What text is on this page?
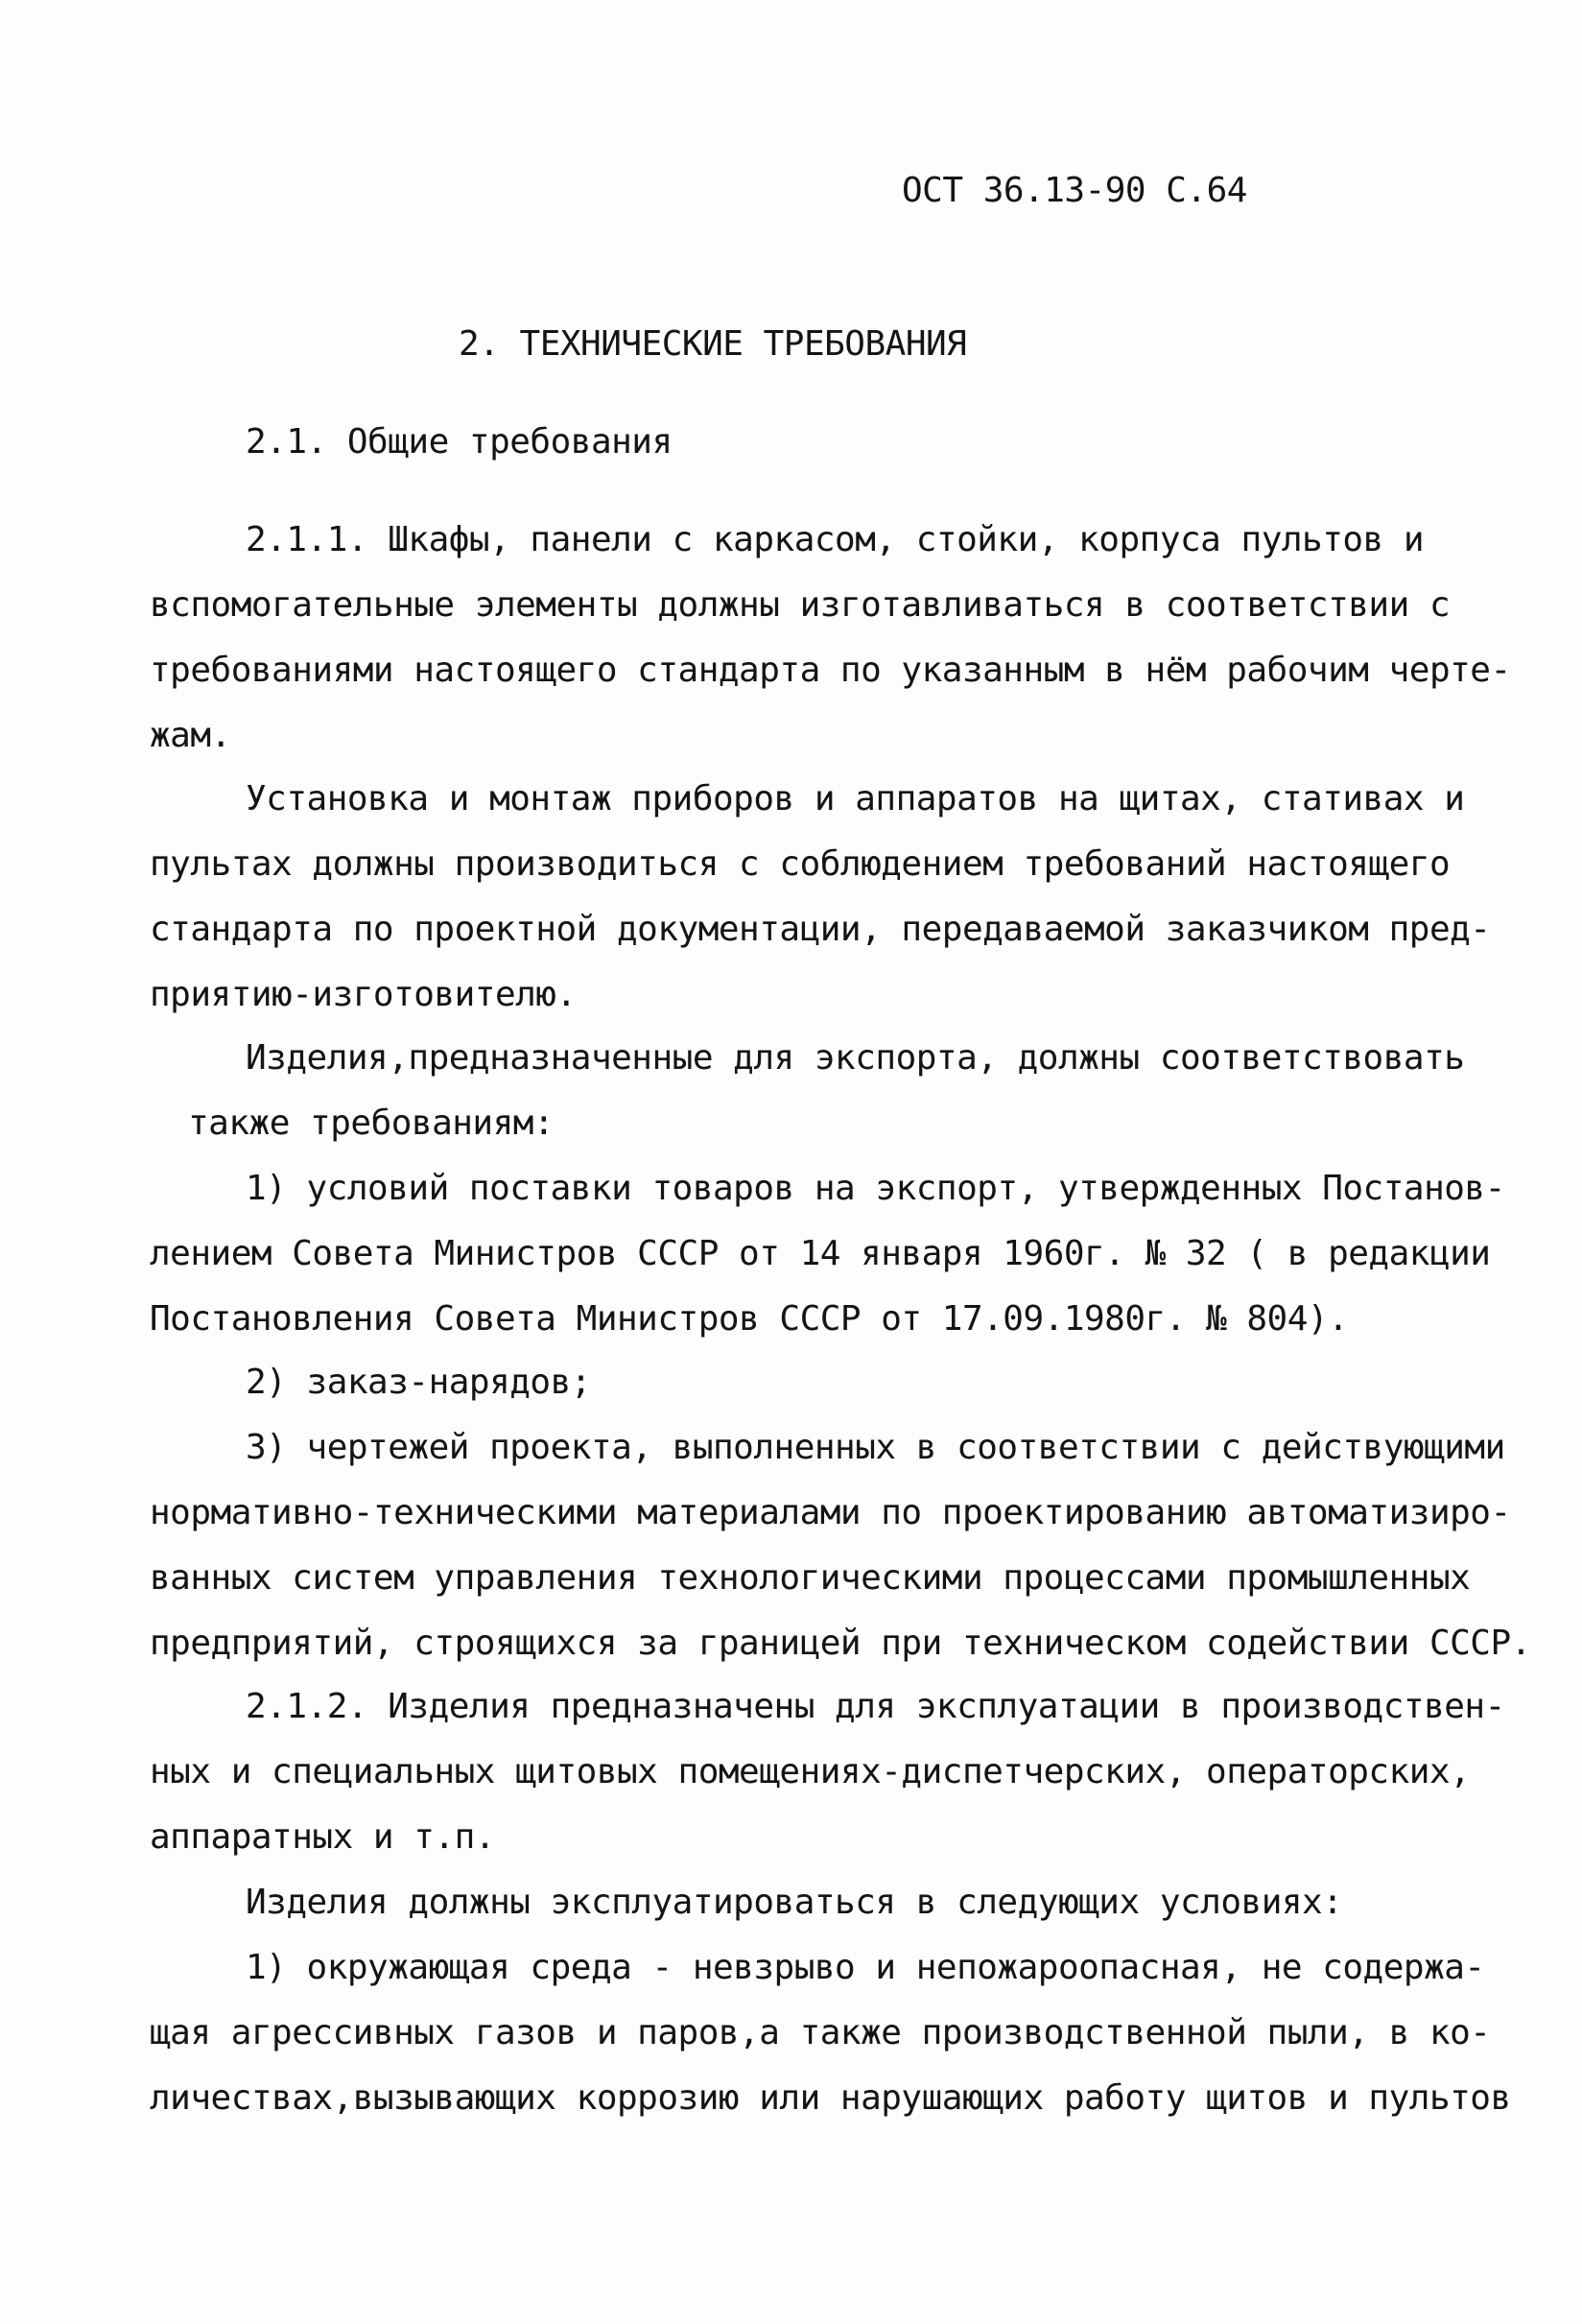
ОСТ 36.13-90 С.64
2. ТЕХНИЧЕСКИЕ ТРЕБОВАНИЯ
2.1. Общие требования
2.1.1. Шкафы, панели с каркасом, стойки, корпуса пультов и
вспомогательные элементы должны изготавливаться в соответствии с
требованиями настоящего стандарта по указанным в нём рабочим черте-
жам.
Установка и монтаж приборов и аппаратов на щитах, стативах и
пультах должны производиться с соблюдением требований настоящего
стандарта по проектной документации, передаваемой заказчиком пред-
приятию-изготовителю.
Изделия,предназначенные для экспорта, должны соответствовать
также требованиям:
1) условий поставки товаров на экспорт, утвержденных Постанов-
лением Совета Министров СССР от 14 января 1960г. № 32 ( в редакции
Постановления Совета Министров СССР от 17.09.1980г. № 804).
2) заказ-нарядов;
3) чертежей проекта, выполненных в соответствии с действующими
нормативно-техническими материалами по проектированию автоматизиро-
ванных систем управления технологическими процессами промышленных
предприятий, строящихся за границей при техническом содействии СССР.
2.1.2. Изделия предназначены для эксплуатации в производствен-
ных и специальных щитовых помещениях-диспетчерских, операторских,
аппаратных и т.п.
Изделия должны эксплуатироваться в следующих условиях:
1) окружающая среда - невзрыво и непожароопасная, не содержа-
щая агрессивных газов и паров,а также производственной пыли, в ко-
личествах,вызывающих коррозию или нарушающих работу щитов и пультов
